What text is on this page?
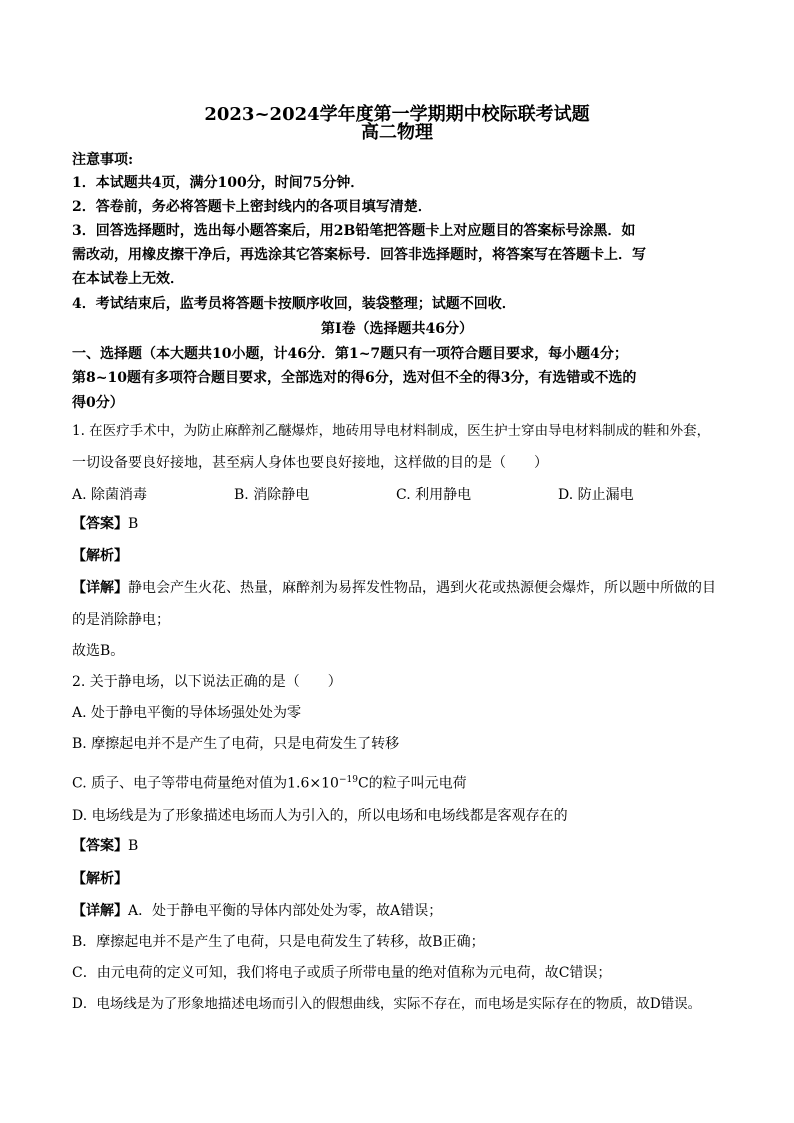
2023~2024学年度第一学期期中校际联考试题
高二物理
注意事项:
1．本试题共4页，满分100分，时间75分钟．
2．答卷前，务必将答题卡上密封线内的各项目填写清楚．
3．回答选择题时，选出每小题答案后，用2B铅笔把答题卡上对应题目的答案标号涂黑．如
需改动，用橡皮擦干净后，再选涂其它答案标号．回答非选择题时，将答案写在答题卡上．写
在本试卷上无效．
4．考试结束后，监考员将答题卡按顺序收回，装袋整理；试题不回收．
第Ⅰ卷（选择题共46分）
一、选择题（本大题共10小题，计46分．第1~7题只有一项符合题目要求，每小题4分；
第8~10题有多项符合题目要求，全部选对的得6分，选对但不全的得3分，有选错或不选的
得0分）
1. 在医疗手术中，为防止麻醉剂乙醚爆炸，地砖用导电材料制成，医生护士穿由导电材料制成的鞋和外套，
一切设备要良好接地，甚至病人身体也要良好接地，这样做的目的是（　　）
A. 除菌消毒	B. 消除静电	C. 利用静电	D. 防止漏电
【答案】B
【解析】
【详解】静电会产生火花、热量，麻醉剂为易挥发性物品，遇到火花或热源便会爆炸，所以题中所做的目
的是消除静电；
故选B。
2. 关于静电场，以下说法正确的是（　　）
A. 处于静电平衡的导体场强处处为零
B. 摩擦起电并不是产生了电荷，只是电荷发生了转移
C. 质子、电子等带电荷量绝对值为$1.6\times 10^{-19}C$的粒子叫元电荷
D. 电场线是为了形象描述电场而人为引入的，所以电场和电场线都是客观存在的
【答案】B
【解析】
【详解】A．处于静电平衡的导体内部处处为零，故A错误；
B．摩擦起电并不是产生了电荷，只是电荷发生了转移，故B正确；
C．由元电荷的定义可知，我们将电子或质子所带电量的绝对值称为元电荷，故C错误；
D．电场线是为了形象地描述电场而引入的假想曲线，实际不存在，而电场是实际存在的物质，故D错误。
